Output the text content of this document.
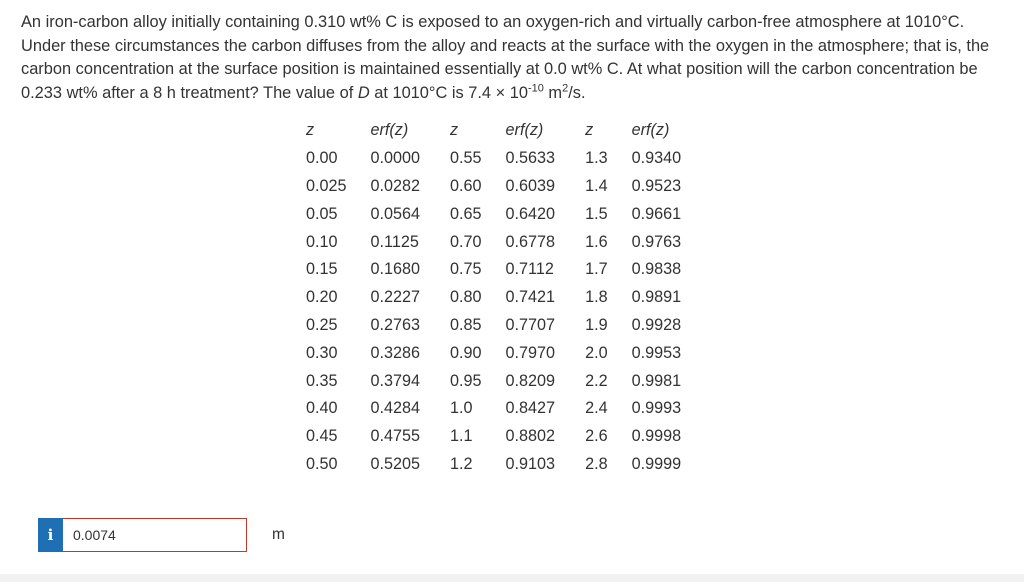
An iron-carbon alloy initially containing 0.310 wt% C is exposed to an oxygen-rich and virtually carbon-free atmosphere at 1010°C. Under these circumstances the carbon diffuses from the alloy and reacts at the surface with the oxygen in the atmosphere; that is, the carbon concentration at the surface position is maintained essentially at 0.0 wt% C. At what position will the carbon concentration be 0.233 wt% after a 8 h treatment? The value of D at 1010°C is $7.4 \times 10^{-10}$ $m^2/s$.

z	erf(z)	z	erf(z)	z	erf(z)
0.00	0.0000	0.55	0.5633	1.3	0.9340
0.025	0.0282	0.60	0.6039	1.4	0.9523
0.05	0.0564	0.65	0.6420	1.5	0.9661
0.10	0.1125	0.70	0.6778	1.6	0.9763
0.15	0.1680	0.75	0.7112	1.7	0.9838
0.20	0.2227	0.80	0.7421	1.8	0.9891
0.25	0.2763	0.85	0.7707	1.9	0.9928
0.30	0.3286	0.90	0.7970	2.0	0.9953
0.35	0.3794	0.95	0.8209	2.2	0.9981
0.40	0.4284	1.0	0.8427	2.4	0.9993
0.45	0.4755	1.1	0.8802	2.6	0.9998
0.50	0.5205	1.2	0.9103	2.8	0.9999
i
0.0074	m
